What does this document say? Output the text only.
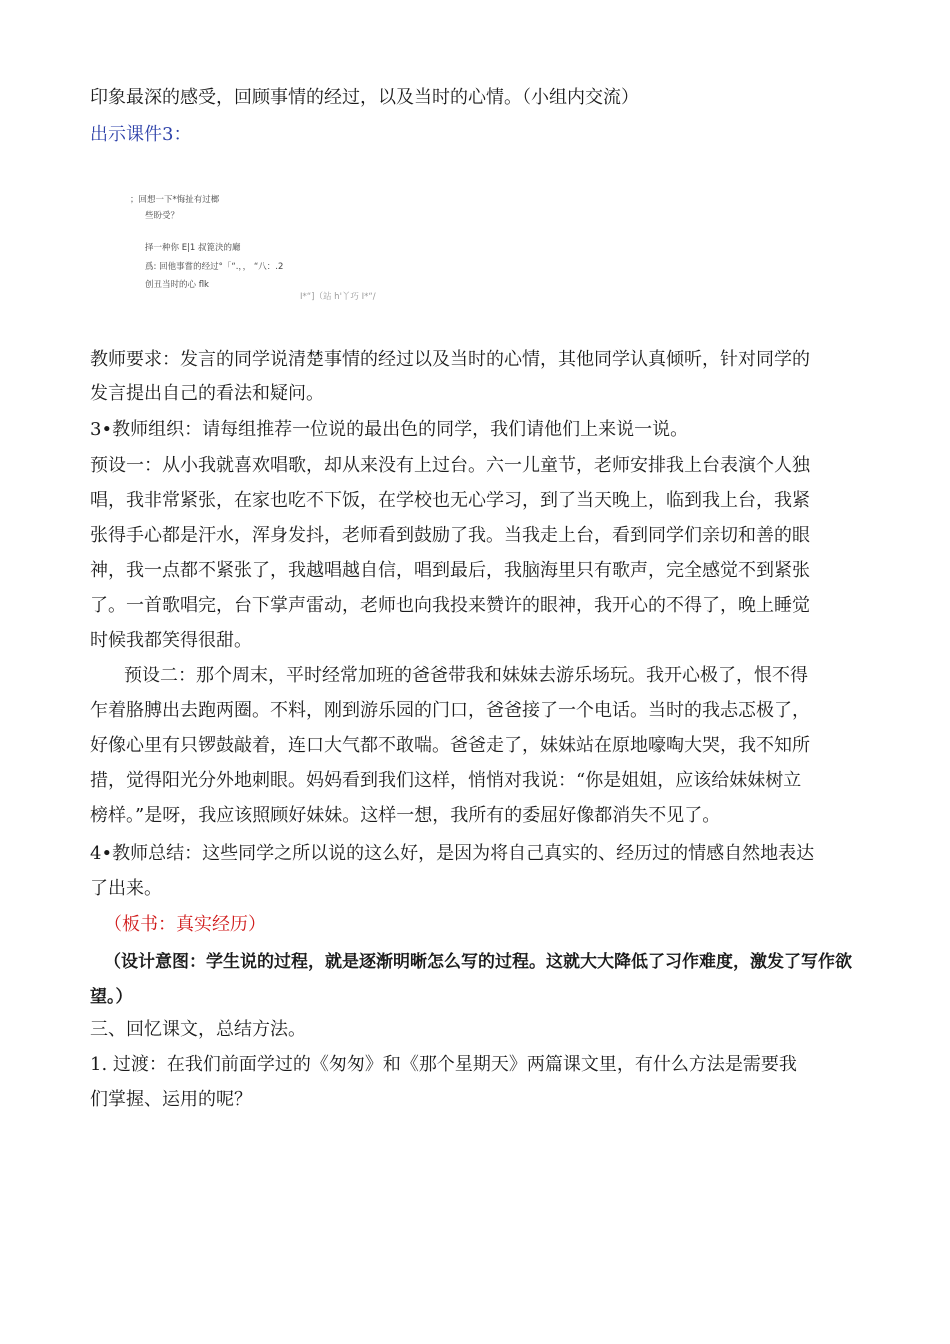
印象最深的感受，回顾事情的经过，以及当时的心情。（小组内交流）
出示课件3：
；回想一下*悔扯有过榔
些盼受？
择一种你 E|1 叔篦決的廰
爲: 回他事嘗的经过°「“.，， “八：.2
创丑当时的心 flk
I*“]（站 h'丫巧 I*“/
教师要求：发言的同学说清楚事情的经过以及当时的心情，其他同学认真倾听，针对同学的
发言提出自己的看法和疑问。
3•教师组织：请每组推荐一位说的最出色的同学，我们请他们上来说一说。
预设一：从小我就喜欢唱歌，却从来没有上过台。六一儿童节，老师安排我上台表演个人独
唱，我非常紧张，在家也吃不下饭，在学校也无心学习，到了当天晚上，临到我上台，我紧
张得手心都是汗水，浑身发抖，老师看到鼓励了我。当我走上台，看到同学们亲切和善的眼
神，我一点都不紧张了，我越唱越自信，唱到最后，我脑海里只有歌声，完全感觉不到紧张
了。一首歌唱完，台下掌声雷动，老师也向我投来赞许的眼神，我开心的不得了，晚上睡觉
时候我都笑得很甜。
预设二：那个周末，平时经常加班的爸爸带我和妹妹去游乐场玩。我开心极了，恨不得
乍着胳膊出去跑两圈。不料，刚到游乐园的门口，爸爸接了一个电话。当时的我忐忑极了，
好像心里有只锣鼓敲着，连口大气都不敢喘。爸爸走了，妹妹站在原地嚎啕大哭，我不知所
措，觉得阳光分外地刺眼。妈妈看到我们这样，悄悄对我说：“你是姐姐，应该给妹妹树立
榜样。”是呀，我应该照顾好妹妹。这样一想，我所有的委屈好像都消失不见了。
4•教师总结：这些同学之所以说的这么好，是因为将自己真实的、经历过的情感自然地表达
了出来。
（板书：真实经历）
（设计意图：学生说的过程，就是逐渐明晰怎么写的过程。这就大大降低了习作难度，激发了写作欲
望。）
三、回忆课文，总结方法。
1. 过渡：在我们前面学过的《匆匆》和《那个星期天》两篇课文里，有什么方法是需要我
们掌握、运用的呢？
